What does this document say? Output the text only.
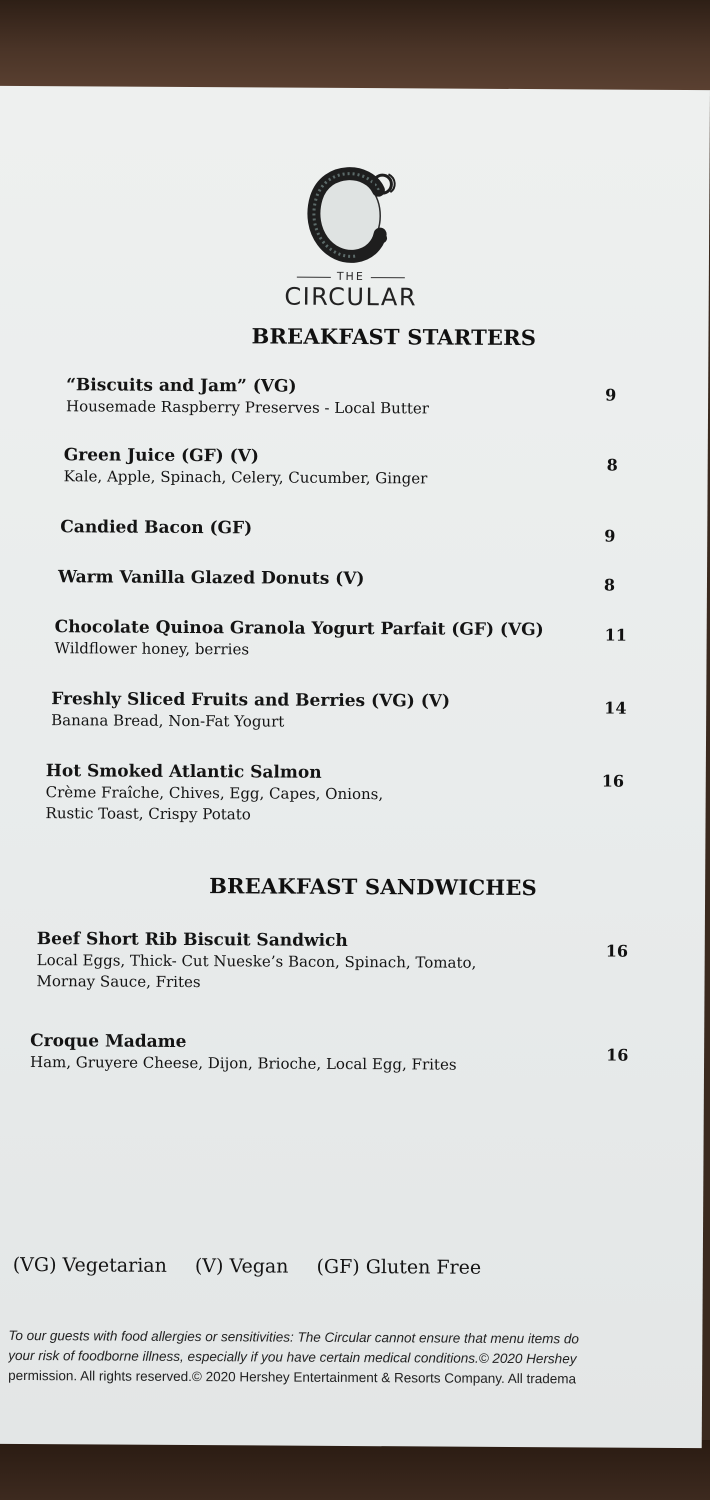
THE
CIRCULAR
BREAKFAST STARTERS
“Biscuits and Jam” (VG)
Housemade Raspberry Preserves - Local Butter
9
Green Juice (GF) (V)
Kale, Apple, Spinach, Celery, Cucumber, Ginger
8
Candied Bacon (GF)	9
Warm Vanilla Glazed Donuts (V)	8
Chocolate Quinoa Granola Yogurt Parfait (GF) (VG)
Wildflower honey, berries
11
Freshly Sliced Fruits and Berries (VG) (V)
Banana Bread, Non-Fat Yogurt
14
Hot Smoked Atlantic Salmon
Crème Fraîche, Chives, Egg, Capes, Onions,
Rustic Toast, Crispy Potato
16
BREAKFAST SANDWICHES
Beef Short Rib Biscuit Sandwich
Local Eggs, Thick- Cut Nueske’s Bacon, Spinach, Tomato,
Mornay Sauce, Frites
16
Croque Madame
Ham, Gruyere Cheese, Dijon, Brioche, Local Egg, Frites	16
(VG) Vegetarian (V) Vegan (GF) Gluten Free
To our guests with food allergies or sensitivities: The Circular cannot ensure that menu items do
your risk of foodborne illness, especially if you have certain medical conditions.© 2020 Hershey
permission. All rights reserved.© 2020 Hershey Entertainment & Resorts Company. All tradema
